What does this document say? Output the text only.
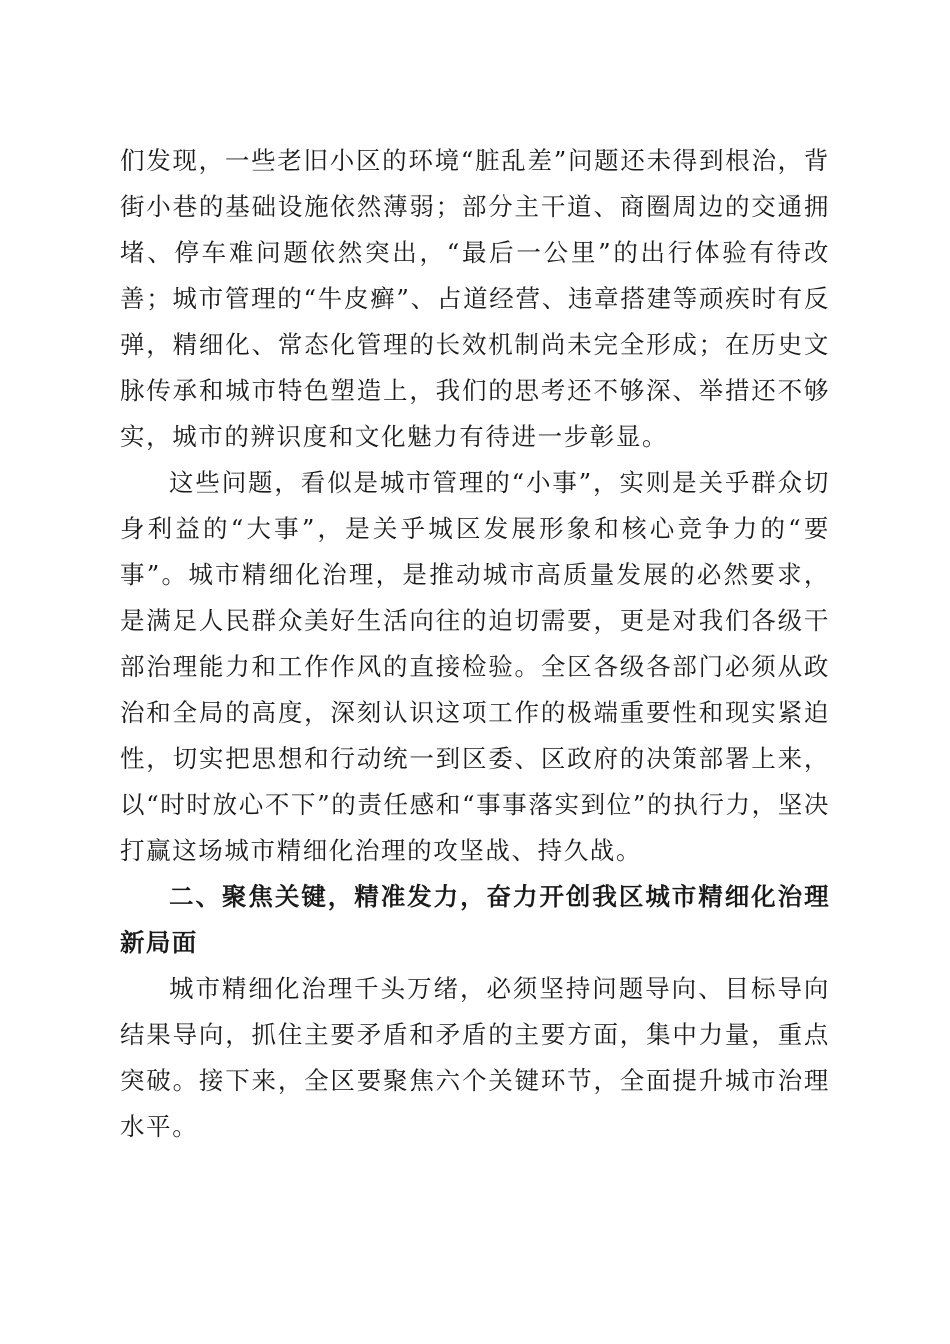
们发现，一些老旧小区的环境“脏乱差”问题还未得到根治，背街小巷的基础设施依然薄弱；部分主干道、商圈周边的交通拥堵、停车难问题依然突出，“最后一公里”的出行体验有待改善；城市管理的“牛皮癣”、占道经营、违章搭建等顽疾时有反弹，精细化、常态化管理的长效机制尚未完全形成；在历史文脉传承和城市特色塑造上，我们的思考还不够深、举措还不够实，城市的辨识度和文化魅力有待进一步彰显。

这些问题，看似是城市管理的“小事”，实则是关乎群众切身利益的“大事”，是关乎城区发展形象和核心竞争力的“要事”。城市精细化治理，是推动城市高质量发展的必然要求，是满足人民群众美好生活向往的迫切需要，更是对我们各级干部治理能力和工作作风的直接检验。全区各级各部门必须从政治和全局的高度，深刻认识这项工作的极端重要性和现实紧迫性，切实把思想和行动统一到区委、区政府的决策部署上来，以“时时放心不下”的责任感和“事事落实到位”的执行力，坚决打赢这场城市精细化治理的攻坚战、持久战。

二、聚焦关键，精准发力，奋力开创我区城市精细化治理新局面

城市精细化治理千头万绪，必须坚持问题导向、目标导向结果导向，抓住主要矛盾和矛盾的主要方面，集中力量，重点突破。接下来，全区要聚焦六个关键环节，全面提升城市治理水平。
